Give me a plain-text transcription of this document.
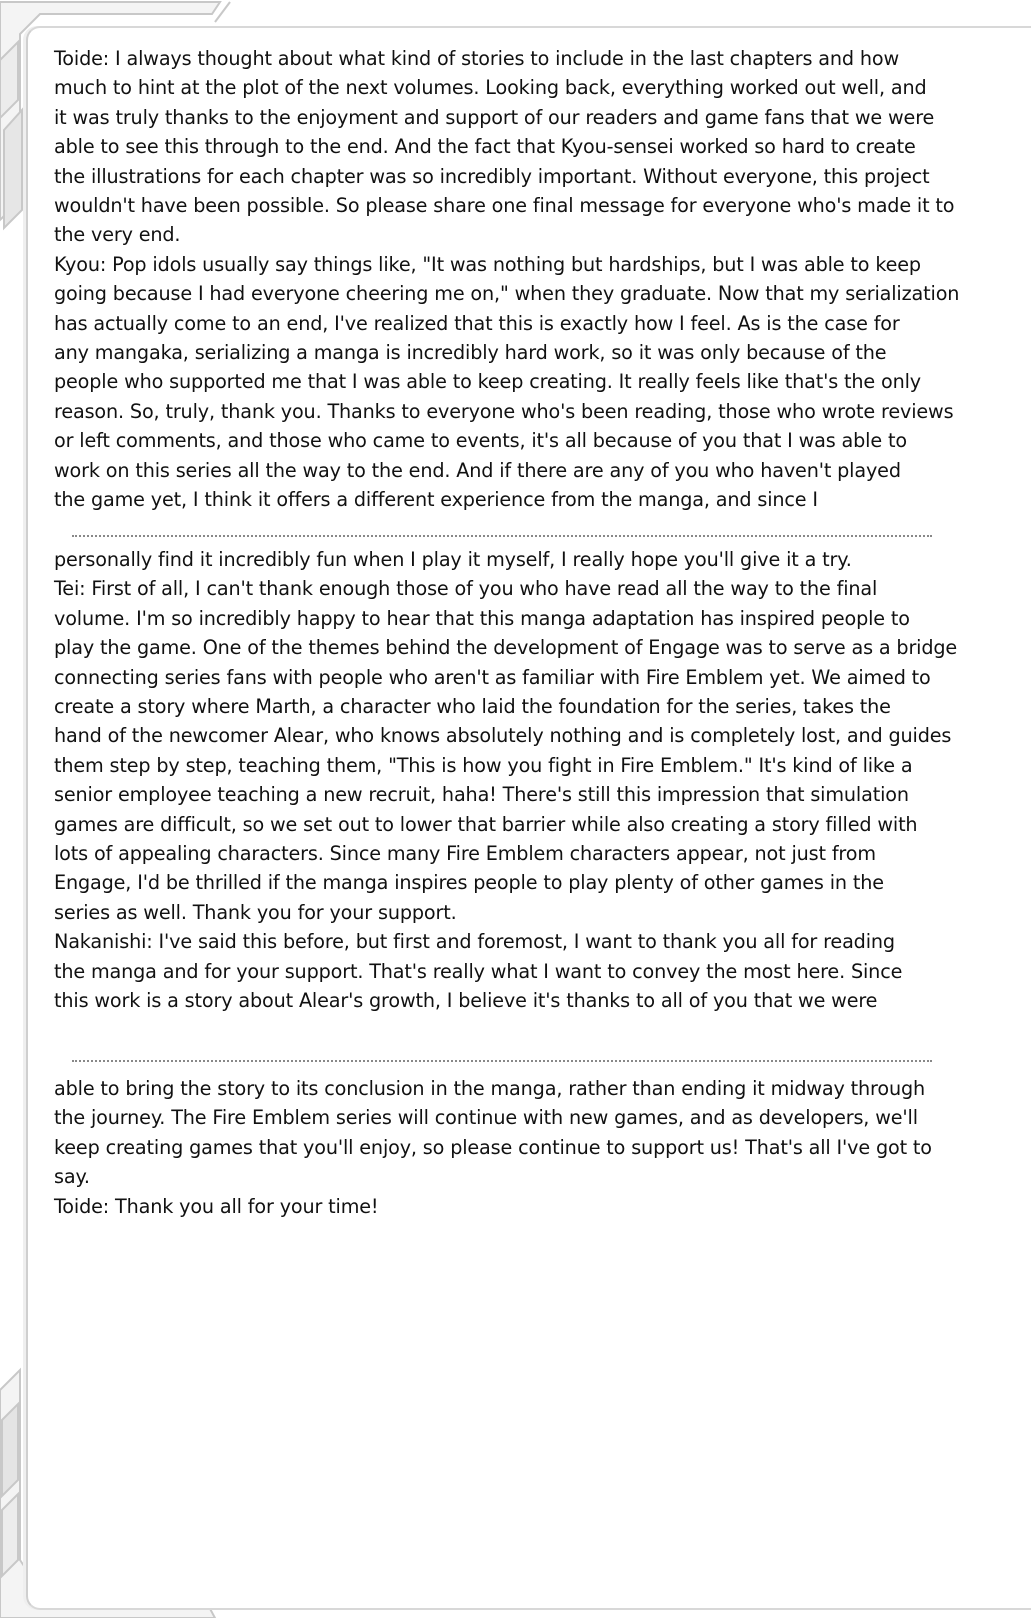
Toide: I always thought about what kind of stories to include in the last chapters and how
much to hint at the plot of the next volumes. Looking back, everything worked out well, and
it was truly thanks to the enjoyment and support of our readers and game fans that we were
able to see this through to the end. And the fact that Kyou-sensei worked so hard to create
the illustrations for each chapter was so incredibly important. Without everyone, this project
wouldn't have been possible. So please share one final message for everyone who's made it to
the very end.
Kyou: Pop idols usually say things like, "It was nothing but hardships, but I was able to keep
going because I had everyone cheering me on," when they graduate. Now that my serialization
has actually come to an end, I've realized that this is exactly how I feel. As is the case for
any mangaka, serializing a manga is incredibly hard work, so it was only because of the
people who supported me that I was able to keep creating. It really feels like that's the only
reason. So, truly, thank you. Thanks to everyone who's been reading, those who wrote reviews
or left comments, and those who came to events, it's all because of you that I was able to
work on this series all the way to the end. And if there are any of you who haven't played
the game yet, I think it offers a different experience from the manga, and since I
personally find it incredibly fun when I play it myself, I really hope you'll give it a try.
Tei: First of all, I can't thank enough those of you who have read all the way to the final
volume. I'm so incredibly happy to hear that this manga adaptation has inspired people to
play the game. One of the themes behind the development of Engage was to serve as a bridge
connecting series fans with people who aren't as familiar with Fire Emblem yet. We aimed to
create a story where Marth, a character who laid the foundation for the series, takes the
hand of the newcomer Alear, who knows absolutely nothing and is completely lost, and guides
them step by step, teaching them, "This is how you fight in Fire Emblem." It's kind of like a
senior employee teaching a new recruit, haha! There's still this impression that simulation
games are difficult, so we set out to lower that barrier while also creating a story filled with
lots of appealing characters. Since many Fire Emblem characters appear, not just from
Engage, I'd be thrilled if the manga inspires people to play plenty of other games in the
series as well. Thank you for your support.
Nakanishi: I've said this before, but first and foremost, I want to thank you all for reading
the manga and for your support. That's really what I want to convey the most here. Since
this work is a story about Alear's growth, I believe it's thanks to all of you that we were
able to bring the story to its conclusion in the manga, rather than ending it midway through
the journey. The Fire Emblem series will continue with new games, and as developers, we'll
keep creating games that you'll enjoy, so please continue to support us! That's all I've got to
say.
Toide: Thank you all for your time!
